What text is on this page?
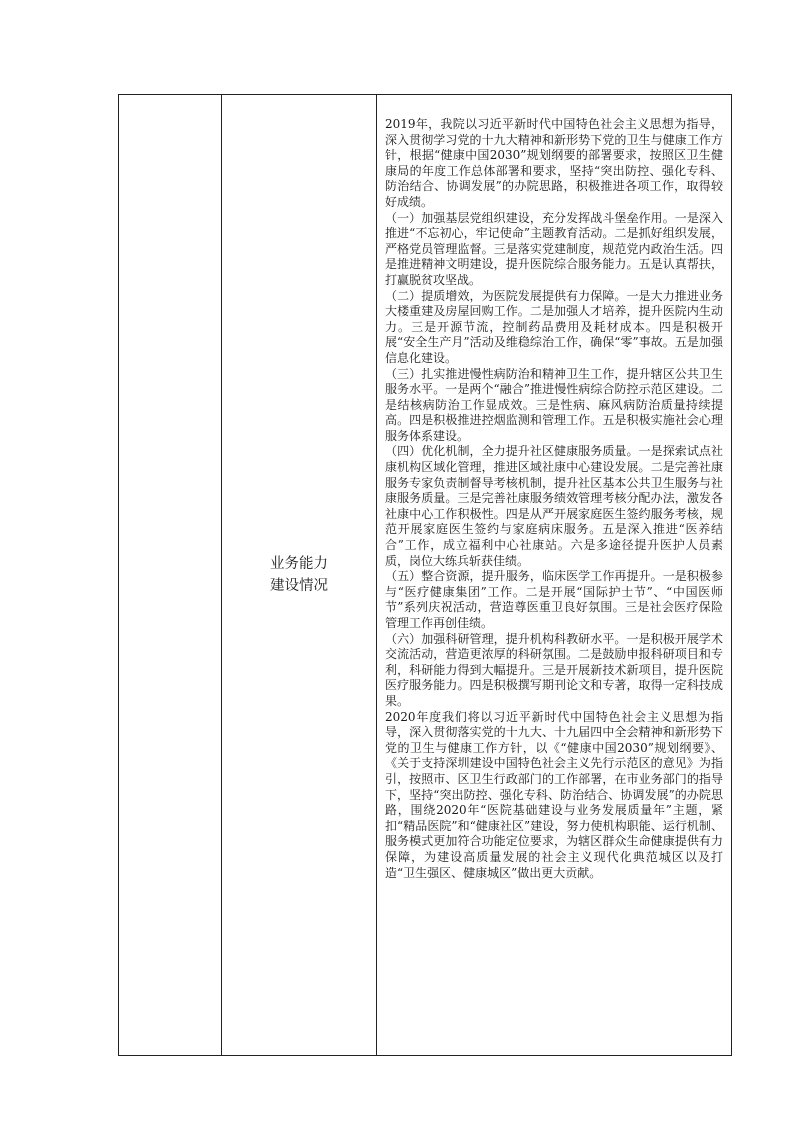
业务能力
建设情况

2019年，我院以习近平新时代中国特色社会主义思想为指导，深入贯彻学习党的十九大精神和新形势下党的卫生与健康工作方针，根据“健康中国2030”规划纲要的部署要求，按照区卫生健康局的年度工作总体部署和要求，坚持“突出防控、强化专科、防治结合、协调发展”的办院思路，积极推进各项工作，取得较好成绩。

（一）加强基层党组织建设，充分发挥战斗堡垒作用。一是深入推进“不忘初心，牢记使命”主题教育活动。二是抓好组织发展，严格党员管理监督。三是落实党建制度，规范党内政治生活。四是推进精神文明建设，提升医院综合服务能力。五是认真帮扶，打赢脱贫攻坚战。

（二）提质增效，为医院发展提供有力保障。一是大力推进业务大楼重建及房屋回购工作。二是加强人才培养，提升医院内生动力。三是开源节流，控制药品费用及耗材成本。四是积极开展“安全生产月”活动及维稳综治工作，确保“零”事故。五是加强信息化建设。

（三）扎实推进慢性病防治和精神卫生工作，提升辖区公共卫生服务水平。一是两个“融合”推进慢性病综合防控示范区建设。二是结核病防治工作显成效。三是性病、麻风病防治质量持续提高。四是积极推进控烟监测和管理工作。五是积极实施社会心理服务体系建设。

（四）优化机制，全力提升社区健康服务质量。一是探索试点社康机构区域化管理，推进区域社康中心建设发展。二是完善社康服务专家负责制督导考核机制，提升社区基本公共卫生服务与社康服务质量。三是完善社康服务绩效管理考核分配办法，激发各社康中心工作积极性。四是从严开展家庭医生签约服务考核，规范开展家庭医生签约与家庭病床服务。五是深入推进“医养结合”工作，成立福利中心社康站。六是多途径提升医护人员素质，岗位大练兵斩获佳绩。

（五）整合资源，提升服务，临床医学工作再提升。一是积极参与“医疗健康集团”工作。二是开展“国际护士节”、“中国医师节”系列庆祝活动，营造尊医重卫良好氛围。三是社会医疗保险管理工作再创佳绩。

（六）加强科研管理，提升机构科教研水平。一是积极开展学术交流活动，营造更浓厚的科研氛围。二是鼓励申报科研项目和专利，科研能力得到大幅提升。三是开展新技术新项目，提升医院医疗服务能力。四是积极撰写期刊论文和专著，取得一定科技成果。

2020年度我们将以习近平新时代中国特色社会主义思想为指导，深入贯彻落实党的十九大、十九届四中全会精神和新形势下党的卫生与健康工作方针，以《“健康中国2030”规划纲要》、《关于支持深圳建设中国特色社会主义先行示范区的意见》为指引，按照市、区卫生行政部门的工作部署，在市业务部门的指导下，坚持“突出防控、强化专科、防治结合、协调发展”的办院思路，围绕2020年“医院基础建设与业务发展质量年”主题，紧扣“精品医院”和“健康社区”建设，努力使机构职能、运行机制、服务模式更加符合功能定位要求，为辖区群众生命健康提供有力保障，为建设高质量发展的社会主义现代化典范城区以及打造“卫生强区、健康城区”做出更大贡献。
